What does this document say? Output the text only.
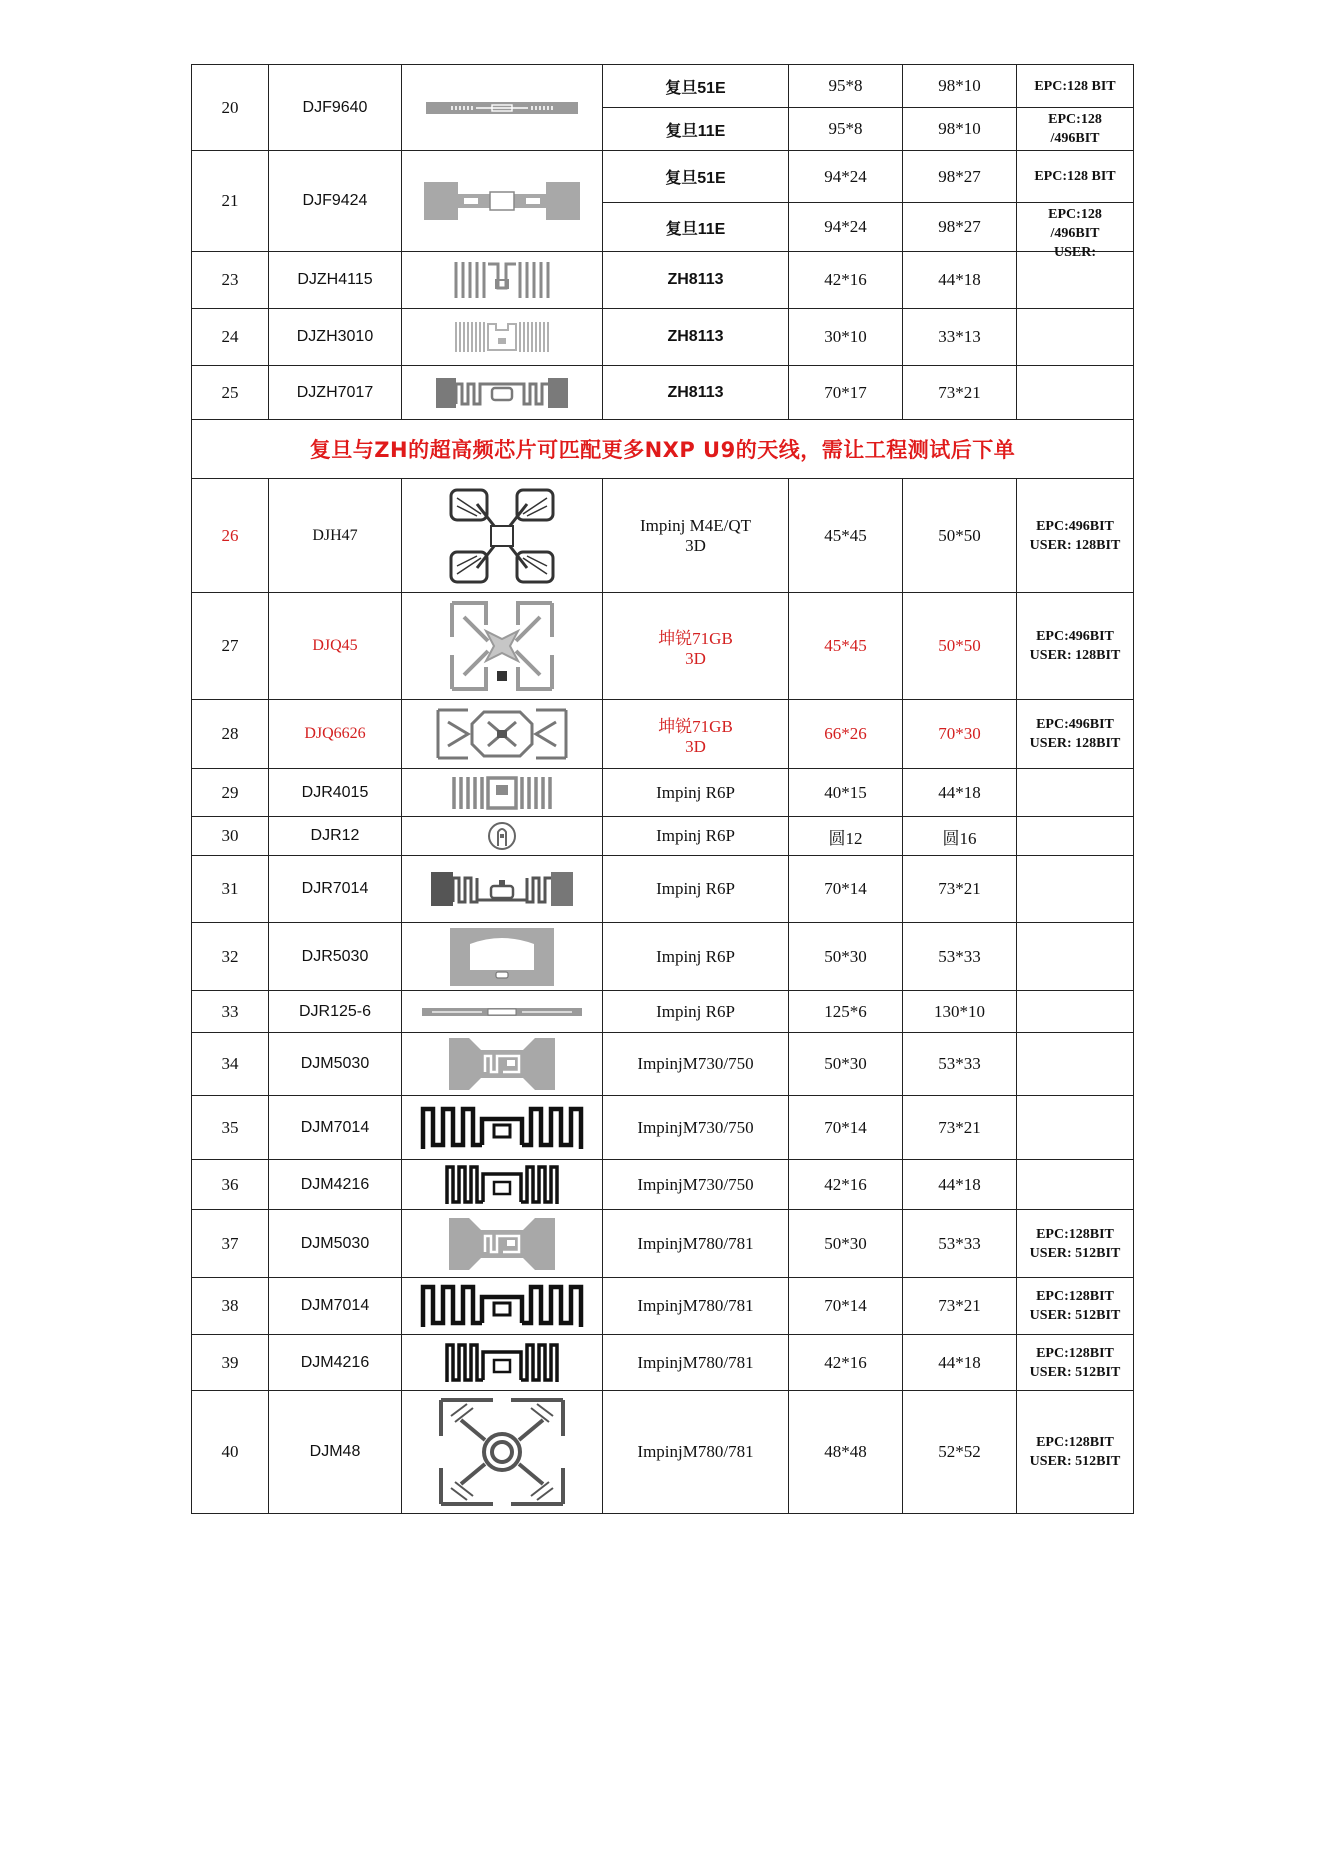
20	DJF9640		复旦51E	95*8	98*10	EPC:128 BIT

			复旦11E	95*8	98*10	EPC:128
/496BIT

21	DJF9424		复旦51E	94*24	98*27	EPC:128 BIT

			复旦11E	94*24	98*27	EPC:128
/496BIT
USER:

23	DJZH4115		ZH8113	42*16	44*18	
24	DJZH3010		ZH8113	30*10	33*13	
25	DJZH7017		ZH8113	70*17	73*21	
复旦与ZH的超高频芯片可匹配更多NXP U9的天线，需让工程测试后下单						
26	DJH47		Impinj M4E/QT
3D	45*45	50*50	EPC:496BIT
USER: 128BIT

27	DJQ45		坤锐71GB
3D	45*45	50*50	EPC:496BIT
USER: 128BIT

28	DJQ6626		坤锐71GB
3D	66*26	70*30	EPC:496BIT
USER: 128BIT

29	DJR4015		Impinj R6P	40*15	44*18	
30	DJR12		Impinj R6P	圆12	圆16	
31	DJR7014		Impinj R6P	70*14	73*21	
32	DJR5030		Impinj R6P	50*30	53*33	
33	DJR125-6		Impinj R6P	125*6	130*10	
34	DJM5030		ImpinjM730/750	50*30	53*33	
35	DJM7014		ImpinjM730/750	70*14	73*21	
36	DJM4216		ImpinjM730/750	42*16	44*18	
37	DJM5030		ImpinjM780/781	50*30	53*33	EPC:128BIT
USER: 512BIT

38	DJM7014		ImpinjM780/781	70*14	73*21	EPC:128BIT
USER: 512BIT

39	DJM4216		ImpinjM780/781	42*16	44*18	EPC:128BIT
USER: 512BIT

40	DJM48		ImpinjM780/781	48*48	52*52	EPC:128BIT
USER: 512BIT
